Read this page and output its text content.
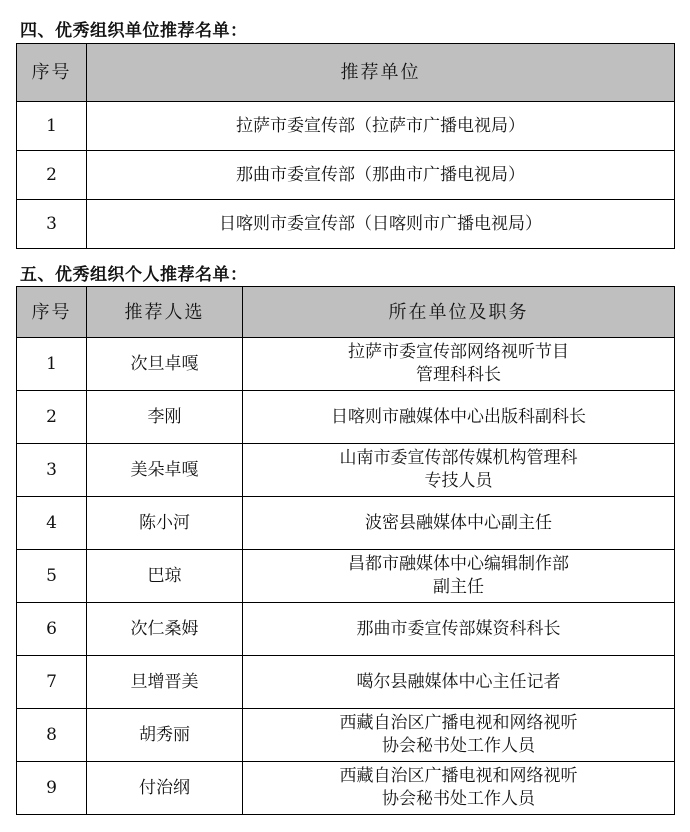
四、优秀组织单位推荐名单：
序号	推荐单位
1	拉萨市委宣传部（拉萨市广播电视局）
2	那曲市委宣传部（那曲市广播电视局）
3	日喀则市委宣传部（日喀则市广播电视局）
五、优秀组织个人推荐名单：
序号	推荐人选	所在单位及职务
1	次旦卓嘎	拉萨市委宣传部网络视听节目
管理科科长

2	李刚	日喀则市融媒体中心出版科副科长

3	美朵卓嘎	山南市委宣传部传媒机构管理科
专技人员

4	陈小河	波密县融媒体中心副主任

5	巴琼	昌都市融媒体中心编辑制作部
副主任

6	次仁桑姆	那曲市委宣传部媒资科科长

7	旦增晋美	噶尔县融媒体中心主任记者

8	胡秀丽	西藏自治区广播电视和网络视听
协会秘书处工作人员

9	付治纲	西藏自治区广播电视和网络视听
协会秘书处工作人员
